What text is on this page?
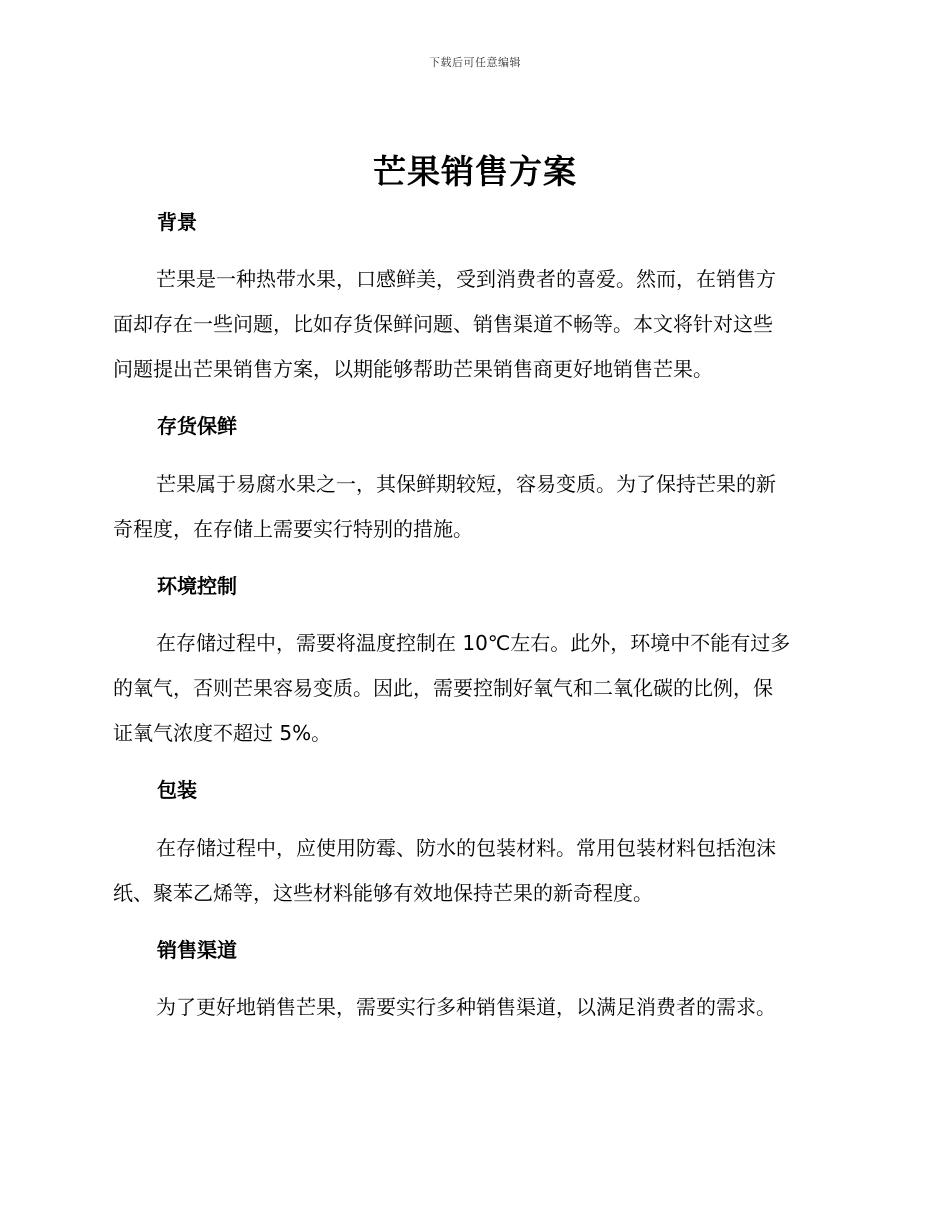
下载后可任意编辑
芒果销售方案
背景
芒果是一种热带水果，口感鲜美，受到消费者的喜爱。然而，在销售方
面却存在一些问题，比如存货保鲜问题、销售渠道不畅等。本文将针对这些
问题提出芒果销售方案，以期能够帮助芒果销售商更好地销售芒果。
存货保鲜
芒果属于易腐水果之一，其保鲜期较短，容易变质。为了保持芒果的新
奇程度，在存储上需要实行特别的措施。
环境控制
在存储过程中，需要将温度控制在 10℃左右。此外，环境中不能有过多
的氧气，否则芒果容易变质。因此，需要控制好氧气和二氧化碳的比例，保
证氧气浓度不超过 5%。
包装
在存储过程中，应使用防霉、防水的包装材料。常用包装材料包括泡沫
纸、聚苯乙烯等，这些材料能够有效地保持芒果的新奇程度。
销售渠道
为了更好地销售芒果，需要实行多种销售渠道，以满足消费者的需求。
